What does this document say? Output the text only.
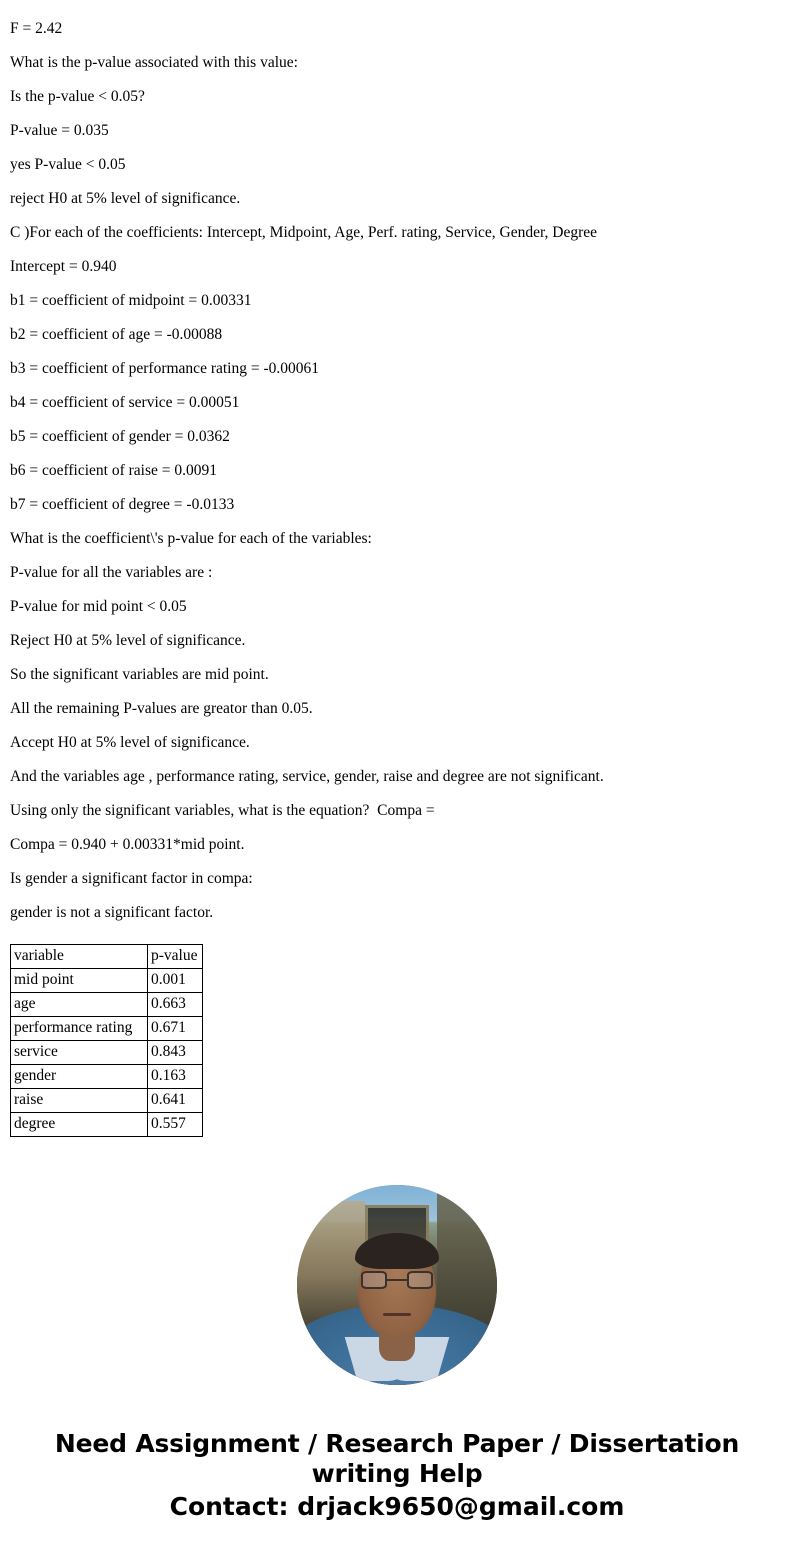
F = 2.42
What is the p-value associated with this value:
Is the p-value < 0.05?
P-value = 0.035
yes P-value < 0.05
reject H0 at 5% level of significance.
C )For each of the coefficients: Intercept, Midpoint, Age, Perf. rating, Service, Gender, Degree
Intercept = 0.940
b1 = coefficient of midpoint = 0.00331
b2 = coefficient of age = -0.00088
b3 = coefficient of performance rating = -0.00061
b4 = coefficient of service = 0.00051
b5 = coefficient of gender = 0.0362
b6 = coefficient of raise = 0.0091
b7 = coefficient of degree = -0.0133
What is the coefficient\'s p-value for each of the variables:
P-value for all the variables are :
P-value for mid point < 0.05
Reject H0 at 5% level of significance.
So the significant variables are mid point.
All the remaining P-values are greator than 0.05.
Accept H0 at 5% level of significance.
And the variables age , performance rating, service, gender, raise and degree are not significant.
Using only the significant variables, what is the equation?  Compa =
Compa = 0.940 + 0.00331*mid point.
Is gender a significant factor in compa:
gender is not a significant factor.
variable	p-value
mid point	0.001
age	0.663
performance rating	0.671
service	0.843
gender	0.163
raise	0.641
degree	0.557
Need Assignment / Research Paper / Dissertation writing Help
Contact: drjack9650@gmail.com
